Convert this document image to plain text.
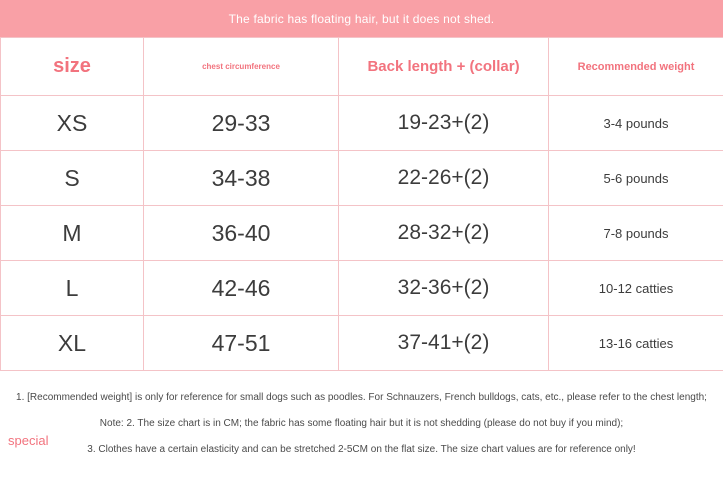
The fabric has floating hair, but it does not shed.
size	chest circumference	Back length + (collar)	Recommended weight
XS	29-33	19-23+(2)	3-4 pounds
S	34-38	22-26+(2)	5-6 pounds
M	36-40	28-32+(2)	7-8 pounds
L	42-46	32-36+(2)	10-12 catties
XL	47-51	37-41+(2)	13-16 catties
special
1. [Recommended weight] is only for reference for small dogs such as poodles. For Schnauzers, French bulldogs, cats, etc., please refer to the chest length;
Note: 2. The size chart is in CM; the fabric has some floating hair but it is not shedding (please do not buy if you mind);
3. Clothes have a certain elasticity and can be stretched 2-5CM on the flat size. The size chart values are for reference only!
